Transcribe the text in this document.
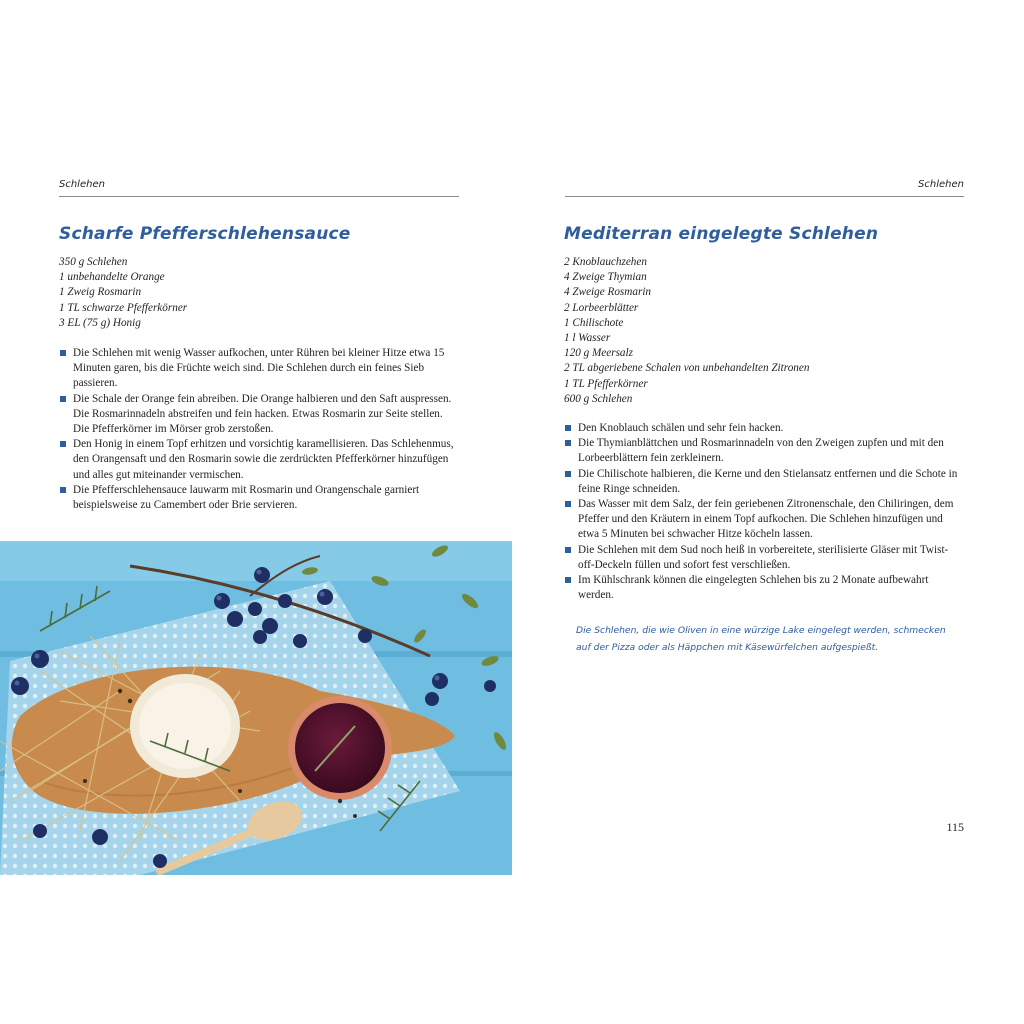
Schlehen
Scharfe Pfefferschlehensauce
350 g Schlehen
1 unbehandelte Orange
1 Zweig Rosmarin
1 TL schwarze Pfefferkörner
3 EL (75 g) Honig
Die Schlehen mit wenig Wasser aufkochen, unter Rühren bei kleiner Hitze etwa 15 Minuten garen, bis die Früchte weich sind. Die Schlehen durch ein feines Sieb passieren.
Die Schale der Orange fein abreiben. Die Orange halbieren und den Saft auspressen. Die Rosmarinnadeln abstreifen und fein hacken. Etwas Rosmarin zur Seite stellen. Die Pfefferkörner im Mörser grob zerstoßen.
Den Honig in einem Topf erhitzen und vorsichtig karamellisieren. Das Schlehenmus, den Orangensaft und den Rosmarin sowie die zerdrückten Pfefferkörner hinzufügen und alles gut miteinander vermischen.
Die Pfefferschlehensauce lauwarm mit Rosmarin und Orangenschale garniert beispielsweise zu Camembert oder Brie servieren.
Schlehen
Mediterran eingelegte Schlehen
2 Knoblauchzehen
4 Zweige Thymian
4 Zweige Rosmarin
2 Lorbeerblätter
1 Chilischote
1 l Wasser
120 g Meersalz
2 TL abgeriebene Schalen von unbehandelten Zitronen
1 TL Pfefferkörner
600 g Schlehen
Den Knoblauch schälen und sehr fein hacken.
Die Thymianblättchen und Rosmarinnadeln von den Zweigen zupfen und mit den Lorbeerblättern fein zerkleinern.
Die Chilischote halbieren, die Kerne und den Stielansatz entfernen und die Schote in feine Ringe schneiden.
Das Wasser mit dem Salz, der fein geriebenen Zitronenschale, den Chiliringen, dem Pfeffer und den Kräutern in einem Topf aufkochen. Die Schlehen hinzufügen und etwa 5 Minuten bei schwacher Hitze köcheln lassen.
Die Schlehen mit dem Sud noch heiß in vorbereitete, sterilisierte Gläser mit Twist-off-Deckeln füllen und sofort fest verschließen.
Im Kühlschrank können die eingelegten Schlehen bis zu 2 Monate aufbewahrt werden.

Die Schlehen, die wie Oliven in eine würzige Lake eingelegt werden, schmecken auf der Pizza oder als Häppchen mit Käsewürfelchen aufgespießt.

115
